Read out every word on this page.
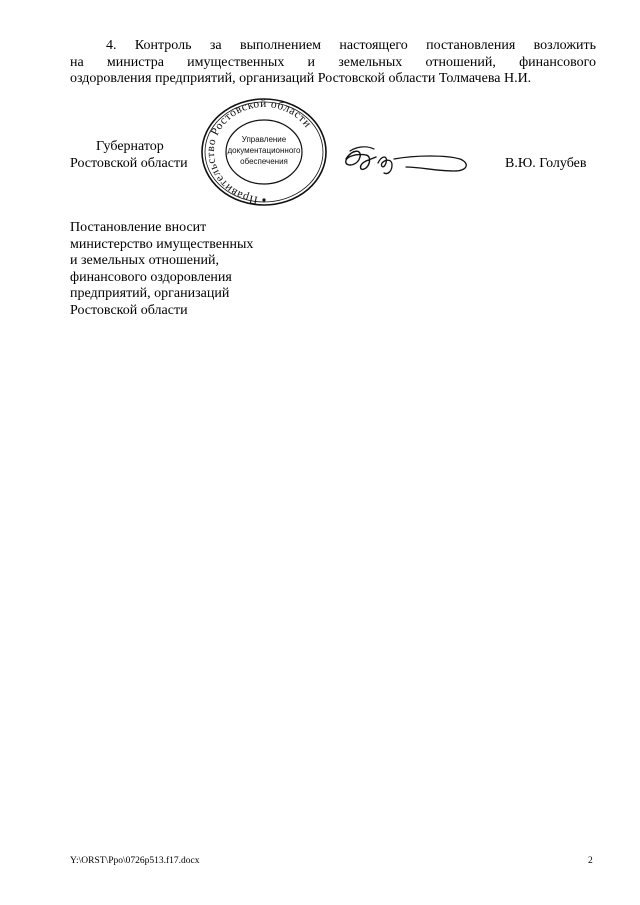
4. Контроль за выполнением настоящего постановления возложить
на министра имущественных и земельных отношений, финансового
оздоровления предприятий, организаций Ростовской области Толмачева Н.И.
Губернатор
Ростовской области
Правительство Ростовской области
Управление
документационного
обеспечения	В.Ю. Голубев
Постановление вносит
министерство имущественных
и земельных отношений,
финансового оздоровления
предприятий, организаций
Ростовской области
Y:\ORST\Ppo\0726p513.f17.docx	2
